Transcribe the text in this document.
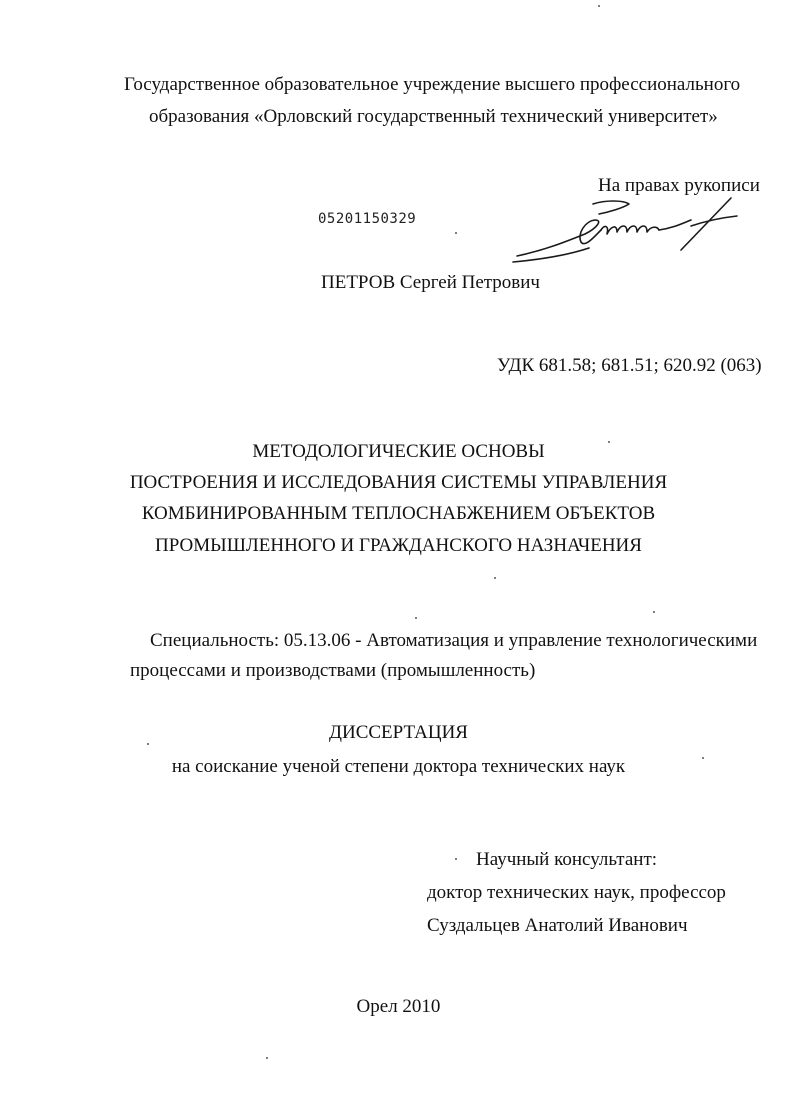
Государственное образовательное учреждение высшего профессионального
образования «Орловский государственный технический университет»
На правах рукописи
05201150329
ПЕТРОВ Сергей Петрович
УДК 681.58; 681.51; 620.92 (063)
МЕТОДОЛОГИЧЕСКИЕ ОСНОВЫ
ПОСТРОЕНИЯ И ИССЛЕДОВАНИЯ СИСТЕМЫ УПРАВЛЕНИЯ
КОМБИНИРОВАННЫМ ТЕПЛОСНАБЖЕНИЕМ ОБЪЕКТОВ
ПРОМЫШЛЕННОГО И ГРАЖДАНСКОГО НАЗНАЧЕНИЯ
Специальность: 05.13.06 - Автоматизация и управление технологическими
процессами и производствами (промышленность)
ДИССЕРТАЦИЯ
на соискание ученой степени доктора технических наук
Научный консультант:
доктор технических наук, профессор
Суздальцев Анатолий Иванович
Орел 2010
